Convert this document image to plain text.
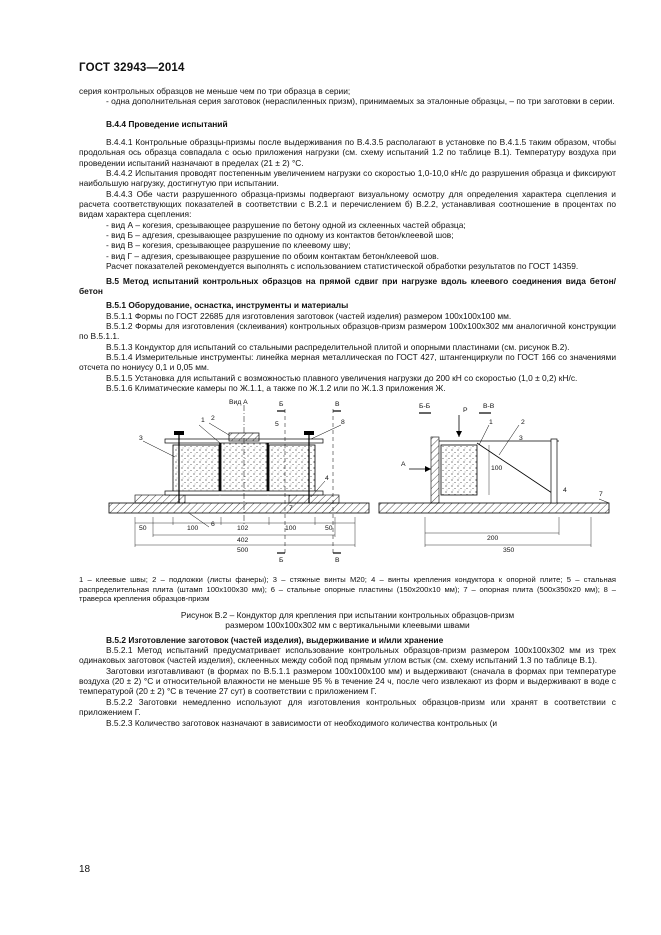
ГОСТ 32943—2014

серия контрольных образцов не меньше чем по три образца в серии;

- одна дополнительная серия заготовок (нераспиленных призм), принимаемых за эталонные образцы, – по три заготовки в серии.

В.4.4 Проведение испытаний

В.4.4.1 Контрольные образцы-призмы после выдерживания по В.4.3.5 располагают в установке по В.4.1.5 таким образом, чтобы продольная ось образца совпадала с осью приложения нагрузки (см. схему испытаний 1.2 по таблице В.1). Температуру воздуха при проведении испытаний назначают в пределах (21 ± 2) °С.

В.4.4.2 Испытания проводят постепенным увеличением нагрузки со скоростью 1,0-10,0 кН/с до разрушения образца и фиксируют наибольшую нагрузку, достигнутую при испытании.

В.4.4.3 Обе части разрушенного образца-призмы подвергают визуальному осмотру для определения характера сцепления и расчета соответствующих показателей в соответствии с В.2.1 и перечислением б) В.2.2, устанавливая соотношение в процентах по видам характера сцепления:

- вид А – когезия, срезывающее разрушение по бетону одной из склеенных частей образца;

- вид Б – адгезия, срезывающее разрушение по одному из контактов бетон/клеевой шов;

- вид В – когезия, срезывающее разрушение по клеевому шву;

- вид Г – адгезия, срезывающее разрушение по обоим контактам бетон/клеевой шов.

Расчет показателей рекомендуется выполнять с использованием статистической обработки результатов по ГОСТ 14359.

В.5 Метод испытаний контрольных образцов на прямой сдвиг при нагрузке вдоль клеевого соединения вида бетон/бетон

В.5.1 Оборудование, оснастка, инструменты и материалы

В.5.1.1 Формы по ГОСТ 22685 для изготовления заготовок (частей изделия) размером 100х100х100 мм.

В.5.1.2 Формы для изготовления (склеивания) контрольных образцов-призм размером 100х100х302 мм аналогичной конструкции по В.5.1.1.

В.5.1.3 Кондуктор для испытаний со стальными распределительной плитой и опорными пластинами (см. рисунок В.2).

В.5.1.4 Измерительные инструменты: линейка мерная металлическая по ГОСТ 427, штангенциркули по ГОСТ 166 со значениями отсчета по нониусу 0,1 и 0,05 мм.

В.5.1.5 Установка для испытаний с возможностью плавного увеличения нагрузки до 200 кН со скоростью (1,0 ± 0,2) кН/с.

В.5.1.6 Климатические камеры по Ж.1.1, а также по Ж.1.2 или по Ж.1.3 приложения Ж.

Вид А	Б	В
Б	В
Б-Б	В-В
А
P
1 2
3
4
5
6
7
8	1	2
3
4
7
50	100	102	100	50
402
500
200
350
100

1 – клеевые швы; 2 – подложки (листы фанеры); 3 – стяжные винты М20; 4 – винты крепления кондуктора к опорной плите; 5 – стальная распределительная плита (штамп 100х100х30 мм); 6 – стальные опорные пластины (150х200х10 мм); 7 – опорная плита (500х350х20 мм); 8 – траверса крепления образцов-призм

Рисунок В.2 – Кондуктор для крепления при испытании контрольных образцов-призм

размером 100х100х302 мм с вертикальными клеевыми швами

В.5.2 Изготовление заготовок (частей изделия), выдерживание и и/или хранение

В.5.2.1 Метод испытаний предусматривает использование контрольных образцов-призм размером 100х100х302 мм из трех одинаковых заготовок (частей изделия), склеенных между собой под прямым углом встык (см. схему испытаний 1.3 по таблице В.1).

Заготовки изготавливают (в формах по В.5.1.1 размером 100х100х100 мм) и выдерживают (сначала в формах при температуре воздуха (20 ± 2) °С и относительной влажности не меньше 95 % в течение 24 ч, после чего извлекают из форм и выдерживают в воде с температурой (20 ± 2) °С в течение 27 сут) в соответствии с приложением Г.

В.5.2.2 Заготовки немедленно используют для изготовления контрольных образцов-призм или хранят в соответствии с приложением Г.

В.5.2.3 Количество заготовок назначают в зависимости от необходимого количества контрольных (и

18
